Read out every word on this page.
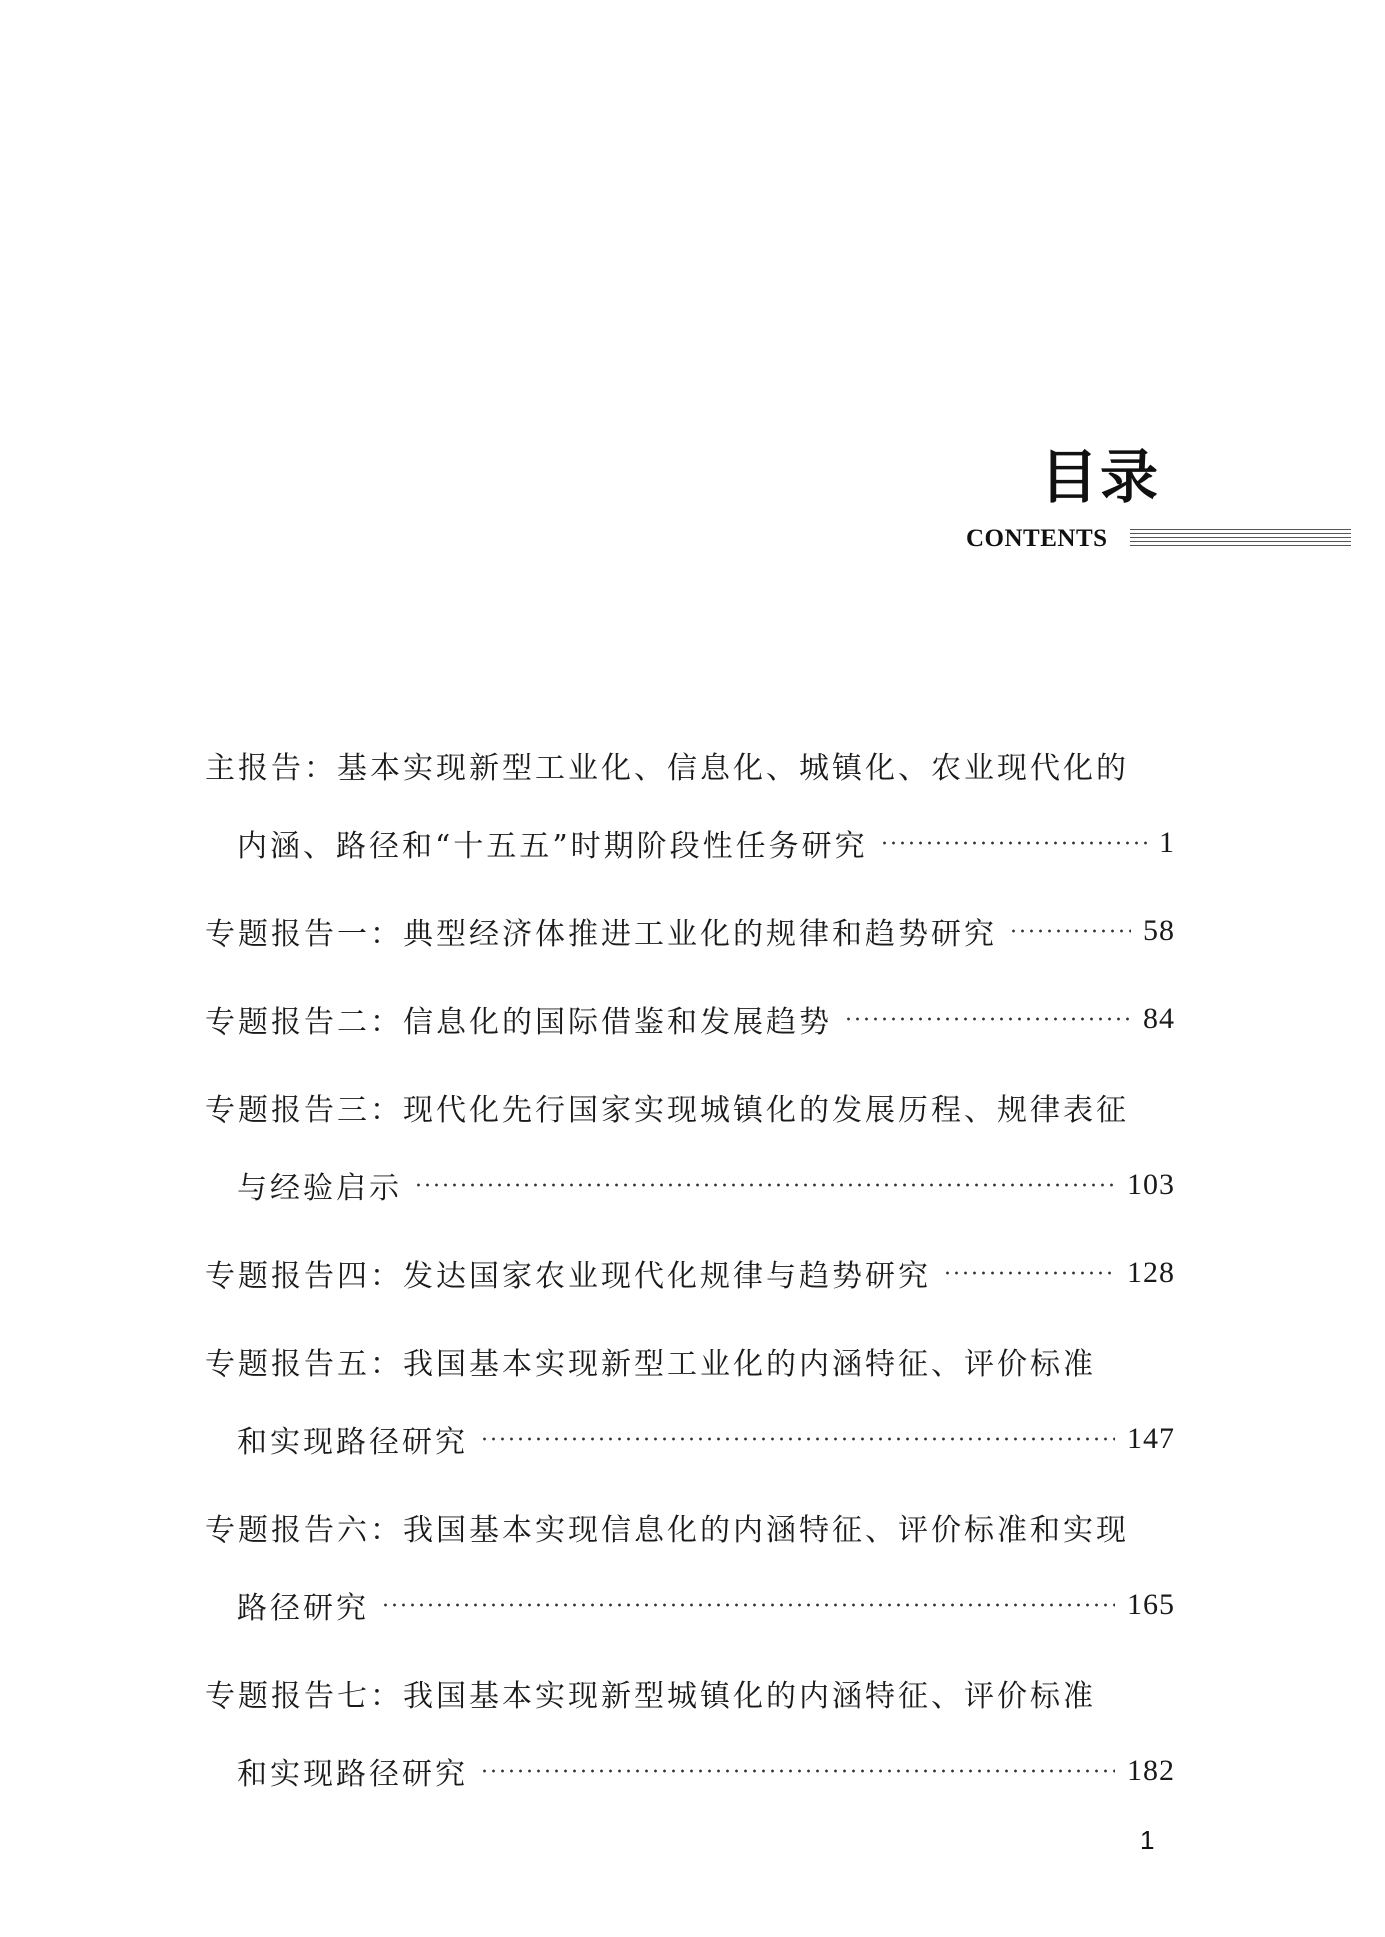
目录
CONTENTS
主报告：基本实现新型工业化、信息化、城镇化、农业现代化的
内涵、路径和“十五五”时期阶段性任务研究	1
专题报告一：典型经济体推进工业化的规律和趋势研究	58
专题报告二：信息化的国际借鉴和发展趋势	84
专题报告三：现代化先行国家实现城镇化的发展历程、规律表征
与经验启示	103
专题报告四：发达国家农业现代化规律与趋势研究	128
专题报告五：我国基本实现新型工业化的内涵特征、评价标准
和实现路径研究	147
专题报告六：我国基本实现信息化的内涵特征、评价标准和实现
路径研究	165
专题报告七：我国基本实现新型城镇化的内涵特征、评价标准
和实现路径研究	182
1
